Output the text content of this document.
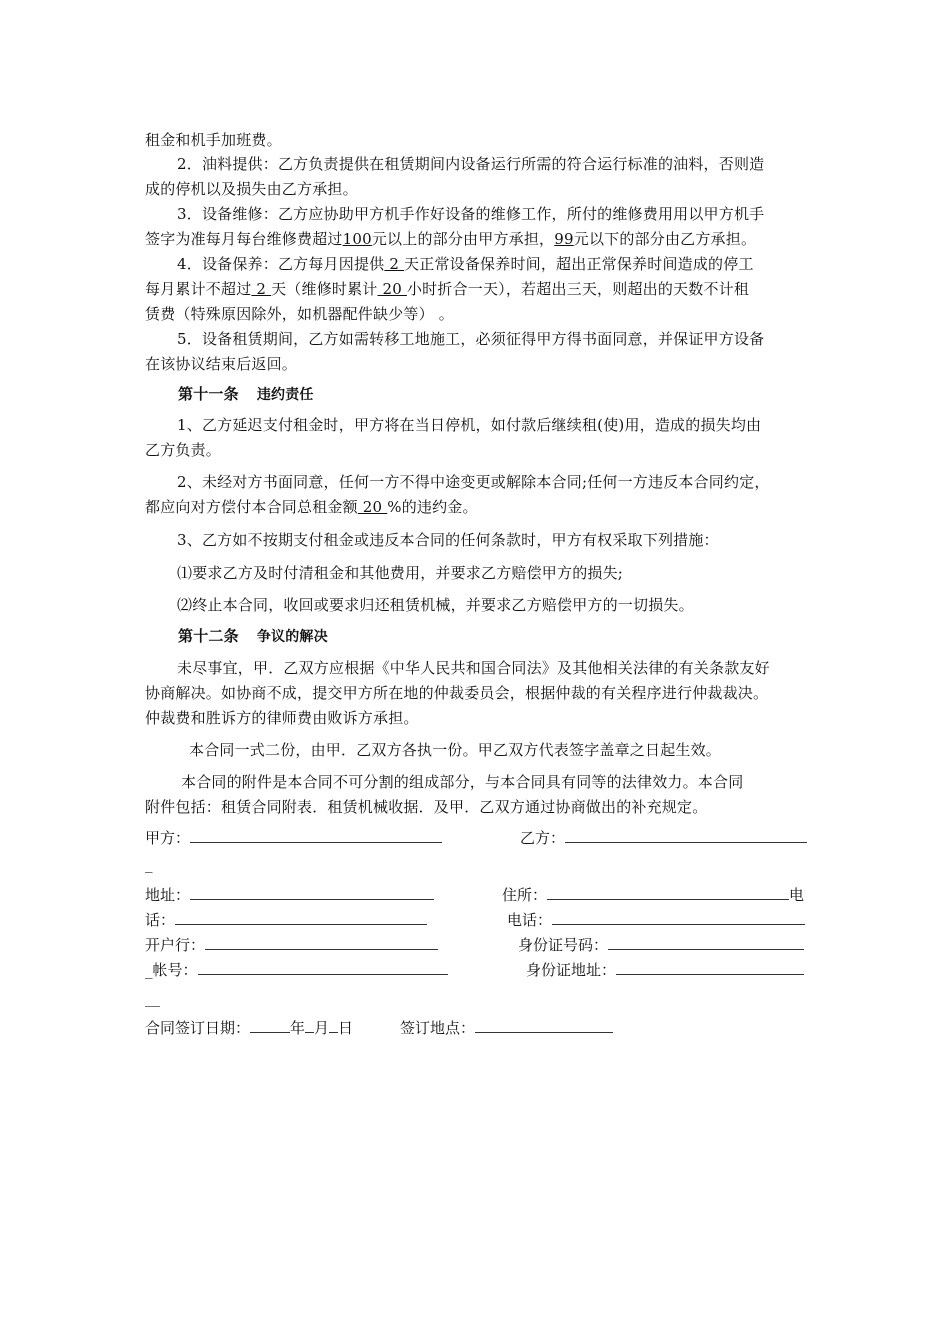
租金和机手加班费。
2．油料提供：乙方负责提供在租赁期间内设备运行所需的符合运行标准的油料，否则造
成的停机以及损失由乙方承担。
3．设备维修：乙方应协助甲方机手作好设备的维修工作，所付的维修费用用以甲方机手
签字为准每月每台维修费超过100元以上的部分由甲方承担，99元以下的部分由乙方承担。
4．设备保养：乙方每月因提供 2 天正常设备保养时间，超出正常保养时间造成的停工
每月累计不超过 2 天（维修时累计 20 小时折合一天），若超出三天，则超出的天数不计租
赁费（特殊原因除外，如机器配件缺少等） 。
5．设备租赁期间，乙方如需转移工地施工，必须征得甲方得书面同意，并保证甲方设备
在该协议结束后返回。
第十一条 违约责任
1、乙方延迟支付租金时，甲方将在当日停机，如付款后继续租(使)用，造成的损失均由
乙方负责。
2、未经对方书面同意，任何一方不得中途变更或解除本合同;任何一方违反本合同约定，
都应向对方偿付本合同总租金额 20 %的违约金。
3、乙方如不按期支付租金或违反本合同的任何条款时，甲方有权采取下列措施：
⑴要求乙方及时付清租金和其他费用，并要求乙方赔偿甲方的损失;
⑵终止本合同，收回或要求归还租赁机械，并要求乙方赔偿甲方的一切损失。
第十二条 争议的解决
未尽事宜，甲．乙双方应根据《中华人民共和国合同法》及其他相关法律的有关条款友好
协商解决。如协商不成，提交甲方所在地的仲裁委员会，根据仲裁的有关程序进行仲裁裁决。
仲裁费和胜诉方的律师费由败诉方承担。
本合同一式二份，由甲．乙双方各执一份。甲乙双方代表签字盖章之日起生效。
本合同的附件是本合同不可分割的组成部分，与本合同具有同等的法律效力。本合同
附件包括：租赁合同附表．租赁机械收据．及甲．乙双方通过协商做出的补充规定。
甲方：	乙方：
_
地址：	住所：	电
话：	电话：
开户行：	身份证号码：
_帐号：	身份证地址：
__
合同签订日期：	年 月 日	签订地点：
